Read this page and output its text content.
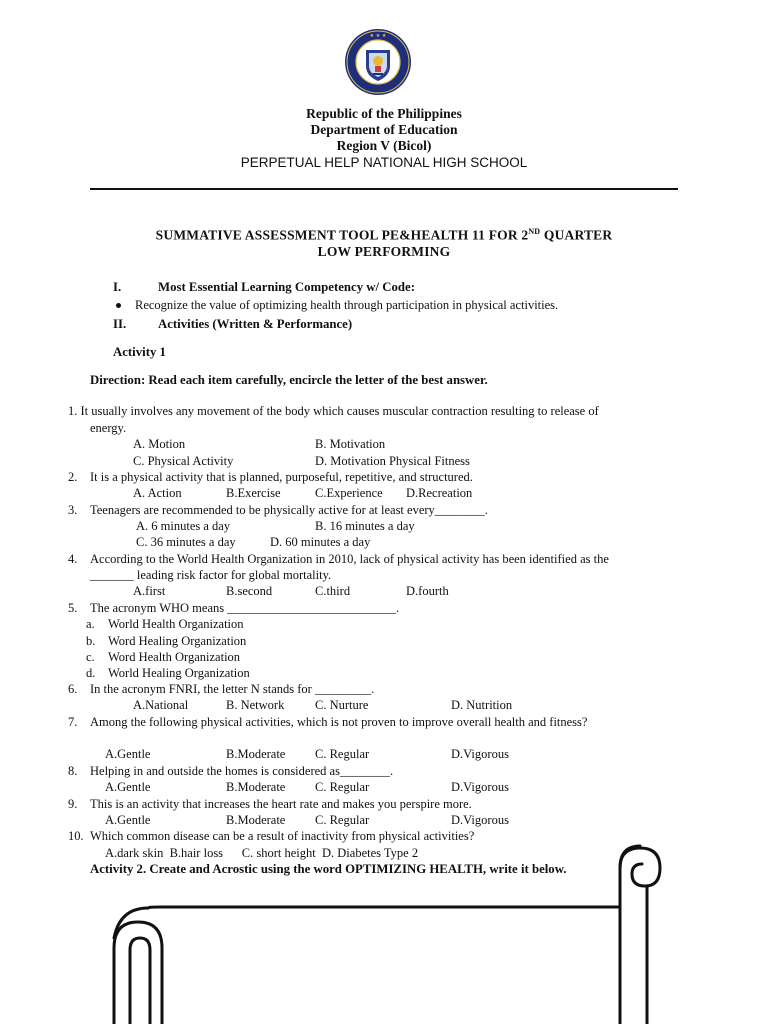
★ ★ ★
Republic of the Philippines
Department of Education
Region V (Bicol)
PERPETUAL HELP NATIONAL HIGH SCHOOL
SUMMATIVE ASSESSMENT TOOL PE&HEALTH 11 FOR 2ND QUARTER
LOW PERFORMING
I.	Most Essential Learning Competency w/ Code:
Recognize the value of optimizing health through participation in physical activities.
II. Activities (Written & Performance)
Activity 1
Direction: Read each item carefully, encircle the letter of the best answer.
1. It usually involves any movement of the body which causes muscular contraction resulting to release of
energy.
A. Motion	B. Motivation
C. Physical Activity	D. Motivation Physical Fitness
2. It is a physical activity that is planned, purposeful, repetitive, and structured.
A. Action	B.Exercise	C.Experience D.Recreation
3. Teenagers are recommended to be physically active for at least every________.
A. 6 minutes a day	B. 16 minutes a day
C. 36 minutes a day	D. 60 minutes a day
4. According to the World Health Organization in 2010, lack of physical activity has been identified as the
_______ leading risk factor for global mortality.
A.first	B.second	C.third	D.fourth
5. The acronym WHO means ___________________________.
a. World Health Organization
b. Word Healing Organization
c. Word Health Organization
d. World Healing Organization
6. In the acronym FNRI, the letter N stands for _________.
A.National	B. Network C. Nurture	D. Nutrition
7. Among the following physical activities, which is not proven to improve overall health and fitness?
A.Gentle	B.Moderate C. Regular	D.Vigorous
8. Helping in and outside the homes is considered as________.
A.Gentle	B.Moderate C. Regular	D.Vigorous
9. This is an activity that increases the heart rate and makes you perspire more.
A.Gentle	B.Moderate C. Regular	D.Vigorous
10. Which common disease can be a result of inactivity from physical activities?
A.dark skin  B.hair loss      C. short height  D. Diabetes Type 2
Activity 2. Create and Acrostic using the word OPTIMIZING HEALTH, write it below.
